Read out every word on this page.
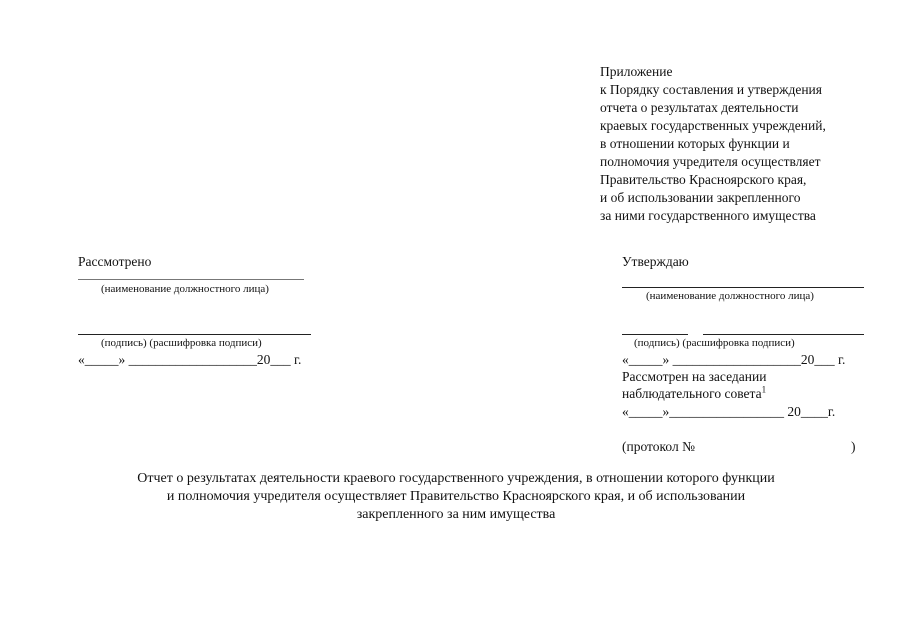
Приложение
к Порядку составления и утверждения
отчета о результатах деятельности
краевых государственных учреждений,
в отношении которых функции и
полномочия учредителя осуществляет
Правительство Красноярского края,
и об использовании закрепленного
за ними государственного имущества
Рассмотрено
(наименование должностного лица)
(подпись) (расшифровка подписи)
«_____» ___________________20___ г.
Утверждаю
(наименование должностного лица)
(подпись) (расшифровка подписи)
«_____» ___________________20___ г.
Рассмотрен на заседании
наблюдательного совета$^1$
«_____»_________________ 20____г.
(протокол №	)
Отчет о результатах деятельности краевого государственного учреждения, в отношении которого функции
и полномочия учредителя осуществляет Правительство Красноярского края, и об использовании
закрепленного за ним имущества
